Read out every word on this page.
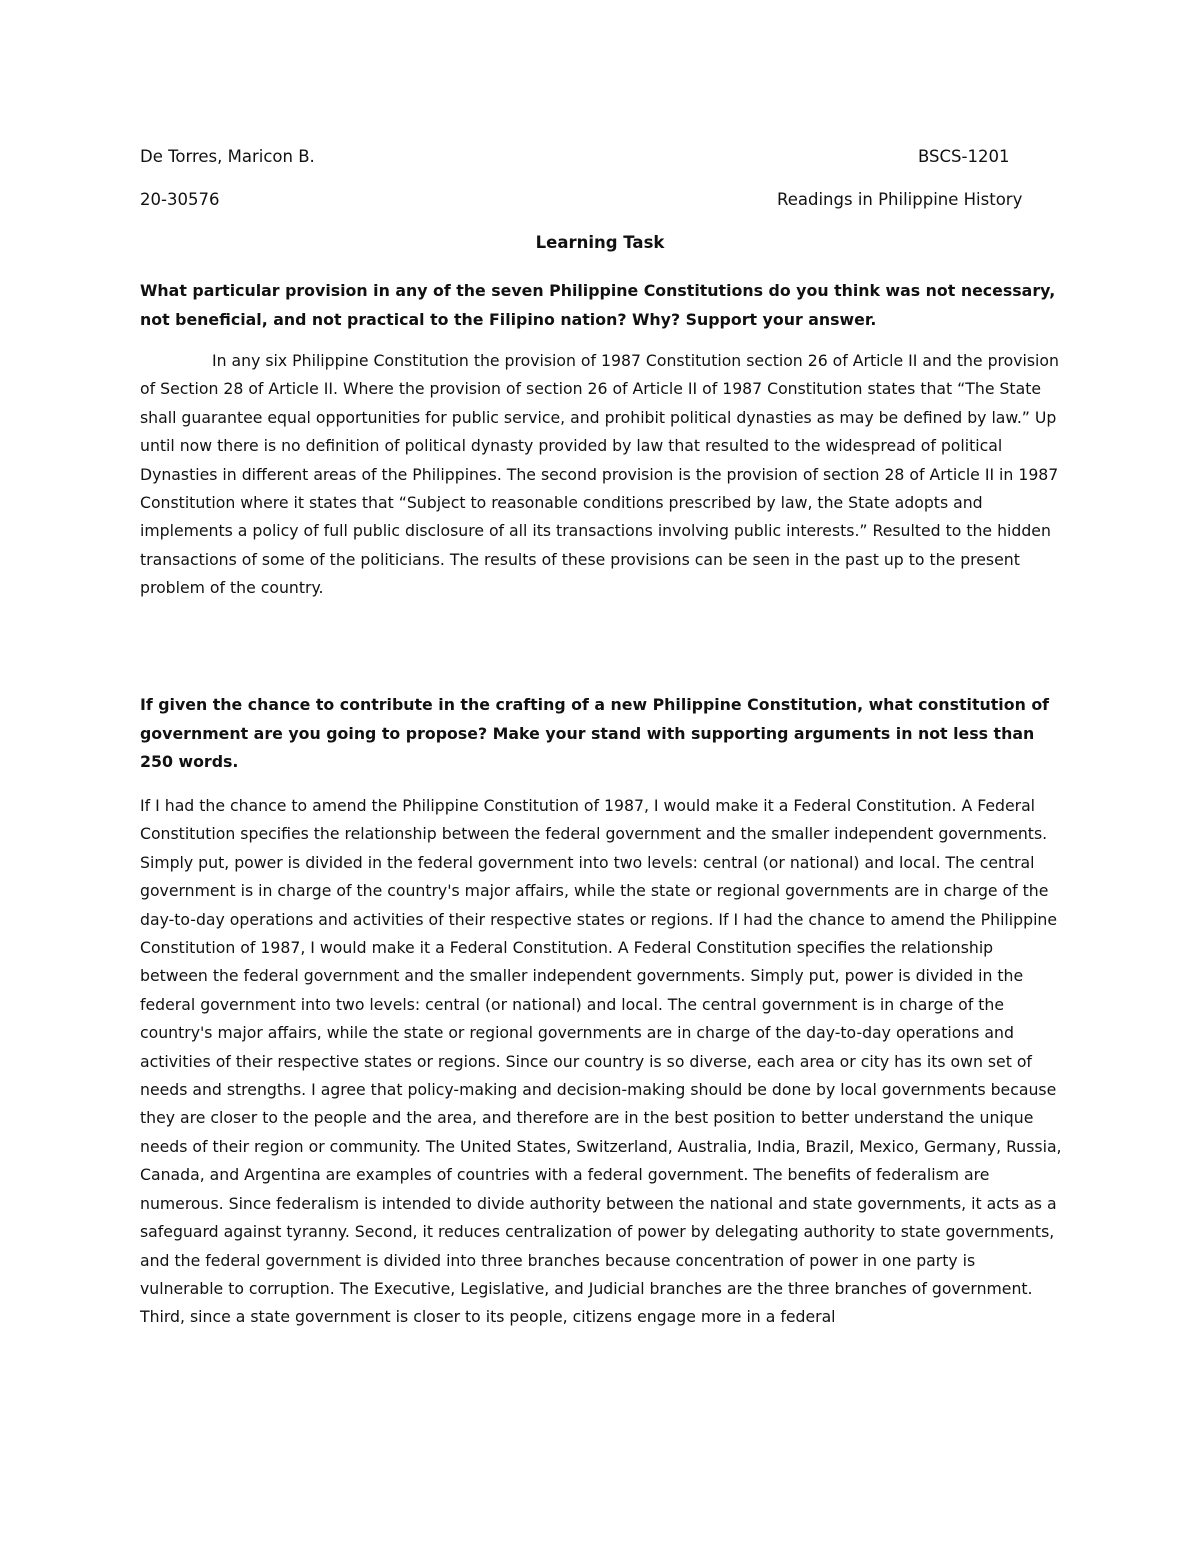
De Torres, Maricon B.	BSCS-1201
20-30576	Readings in Philippine History
Learning Task

What particular provision in any of the seven Philippine Constitutions do you think was not necessary, not beneficial, and not practical to the Filipino nation? Why? Support your answer.

In any six Philippine Constitution the provision of 1987 Constitution section 26 of Article II and the provision of Section 28 of Article II. Where the provision of section 26 of Article II of 1987 Constitution states that “The State shall guarantee equal opportunities for public service, and prohibit political dynasties as may be defined by law.” Up until now there is no definition of political dynasty provided by law that resulted to the widespread of political Dynasties in different areas of the Philippines. The second provision is the provision of section 28 of Article II in 1987 Constitution where it states that “Subject to reasonable conditions prescribed by law, the State adopts and implements a policy of full public disclosure of all its transactions involving public interests.” Resulted to the hidden transactions of some of the politicians. The results of these provisions can be seen in the past up to the present problem of the country.

If given the chance to contribute in the crafting of a new Philippine Constitution, what constitution of government are you going to propose? Make your stand with supporting arguments in not less than 250 words.

If I had the chance to amend the Philippine Constitution of 1987, I would make it a Federal Constitution. A Federal Constitution specifies the relationship between the federal government and the smaller independent governments. Simply put, power is divided in the federal government into two levels: central (or national) and local. The central government is in charge of the country's major affairs, while the state or regional governments are in charge of the day-to-day operations and activities of their respective states or regions. If I had the chance to amend the Philippine Constitution of 1987, I would make it a Federal Constitution. A Federal Constitution specifies the relationship between the federal government and the smaller independent governments. Simply put, power is divided in the federal government into two levels: central (or national) and local. The central government is in charge of the country's major affairs, while the state or regional governments are in charge of the day-to-day operations and activities of their respective states or regions. Since our country is so diverse, each area or city has its own set of needs and strengths. I agree that policy-making and decision-making should be done by local governments because they are closer to the people and the area, and therefore are in the best position to better understand the unique needs of their region or community. The United States, Switzerland, Australia, India, Brazil, Mexico, Germany, Russia, Canada, and Argentina are examples of countries with a federal government. The benefits of federalism are numerous. Since federalism is intended to divide authority between the national and state governments, it acts as a safeguard against tyranny. Second, it reduces centralization of power by delegating authority to state governments, and the federal government is divided into three branches because concentration of power in one party is vulnerable to corruption. The Executive, Legislative, and Judicial branches are the three branches of government. Third, since a state government is closer to its people, citizens engage more in a federal
